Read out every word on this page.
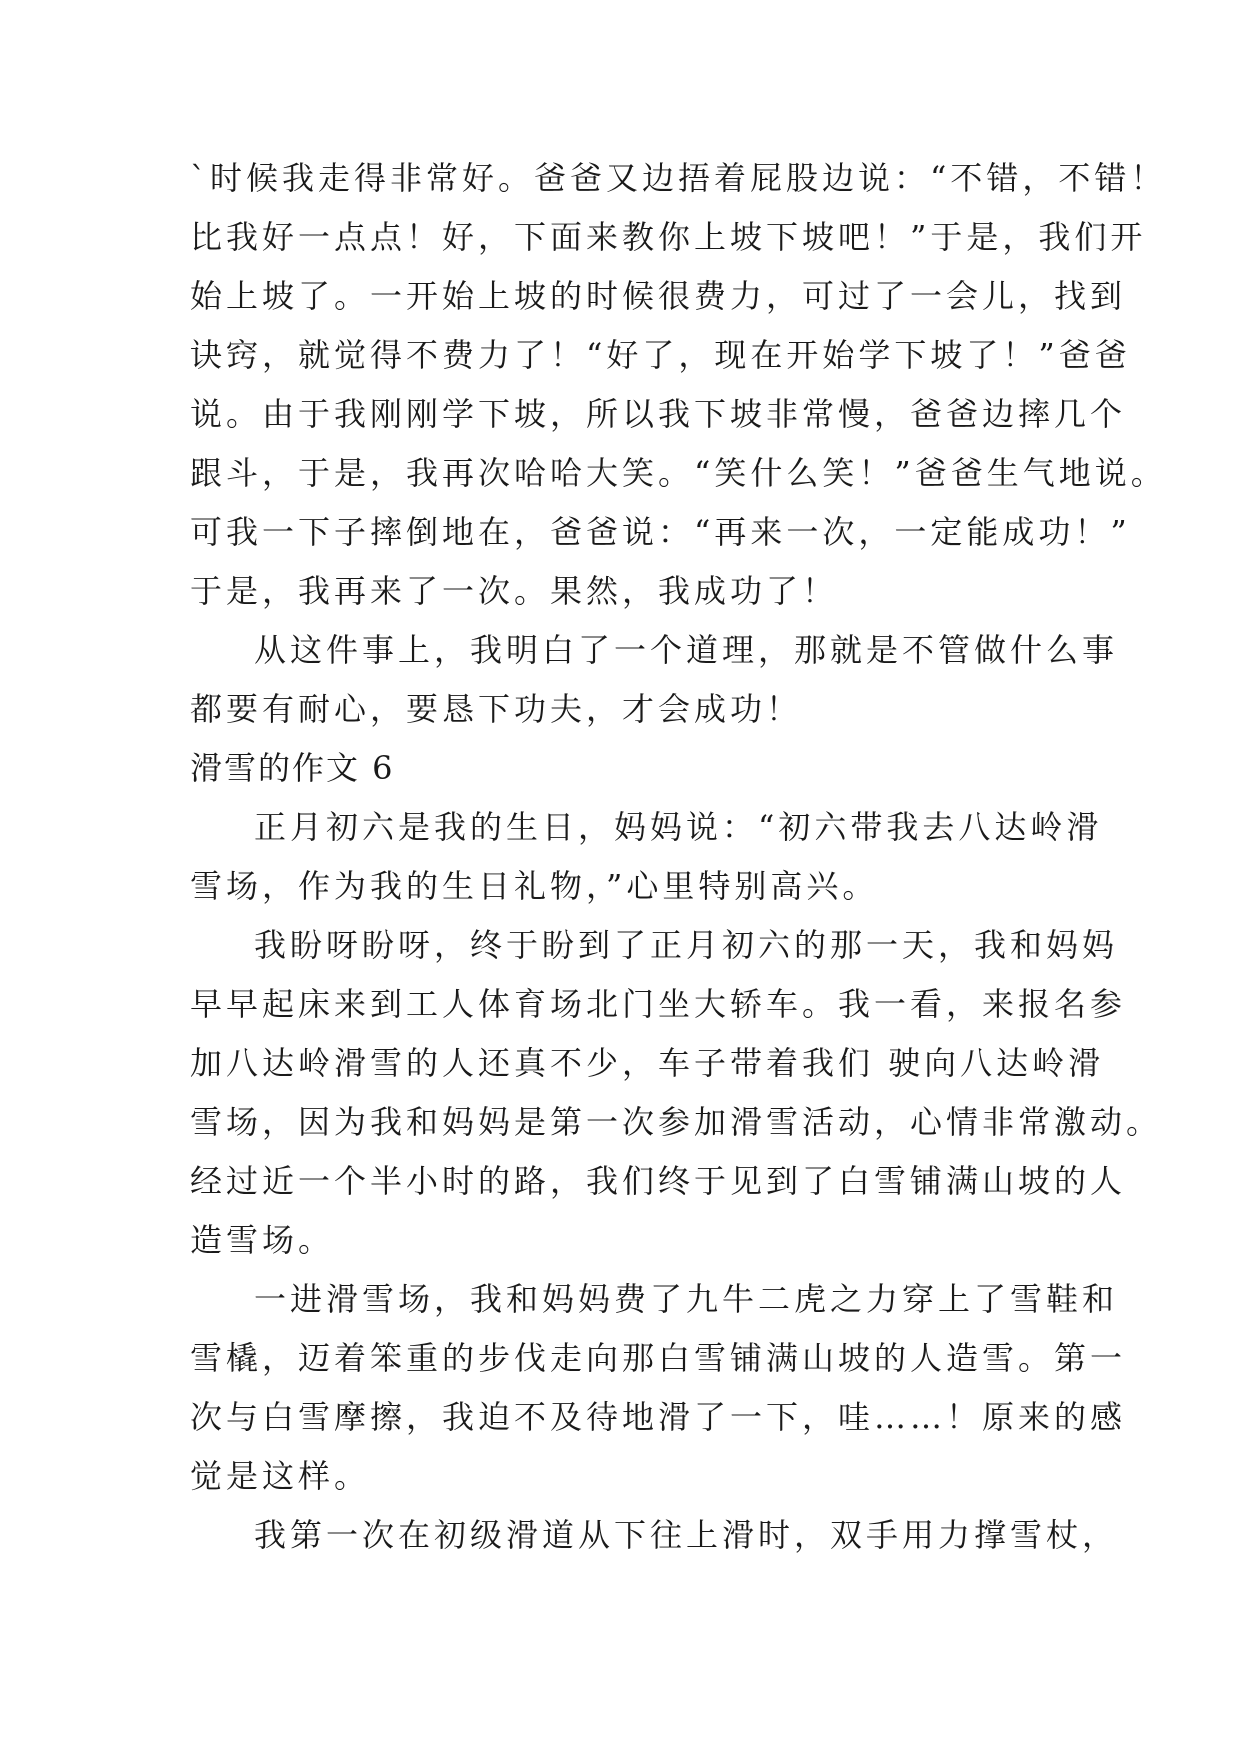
`时候我走得非常好。爸爸又边捂着屁股边说：“不错，不错！
比我好一点点！好，下面来教你上坡下坡吧！”于是，我们开
始上坡了。一开始上坡的时候很费力，可过了一会儿，找到
诀窍，就觉得不费力了！“好了，现在开始学下坡了！”爸爸
说。由于我刚刚学下坡，所以我下坡非常慢，爸爸边摔几个
跟斗，于是，我再次哈哈大笑。“笑什么笑！”爸爸生气地说。
可我一下子摔倒地在，爸爸说：“再来一次，一定能成功！”
于是，我再来了一次。果然，我成功了！
从这件事上，我明白了一个道理，那就是不管做什么事
都要有耐心，要恳下功夫，才会成功！
滑雪的作文 6
正月初六是我的生日，妈妈说：“初六带我去八达岭滑
雪场，作为我的生日礼物，”心里特别高兴。
我盼呀盼呀，终于盼到了正月初六的那一天，我和妈妈
早早起床来到工人体育场北门坐大轿车。我一看，来报名参
加八达岭滑雪的人还真不少，车子带着我们 驶向八达岭滑
雪场，因为我和妈妈是第一次参加滑雪活动，心情非常激动。
经过近一个半小时的路，我们终于见到了白雪铺满山坡的人
造雪场。
一进滑雪场，我和妈妈费了九牛二虎之力穿上了雪鞋和
雪橇，迈着笨重的步伐走向那白雪铺满山坡的人造雪。第一
次与白雪摩擦，我迫不及待地滑了一下，哇……！原来的感
觉是这样。
我第一次在初级滑道从下往上滑时，双手用力撑雪杖，
